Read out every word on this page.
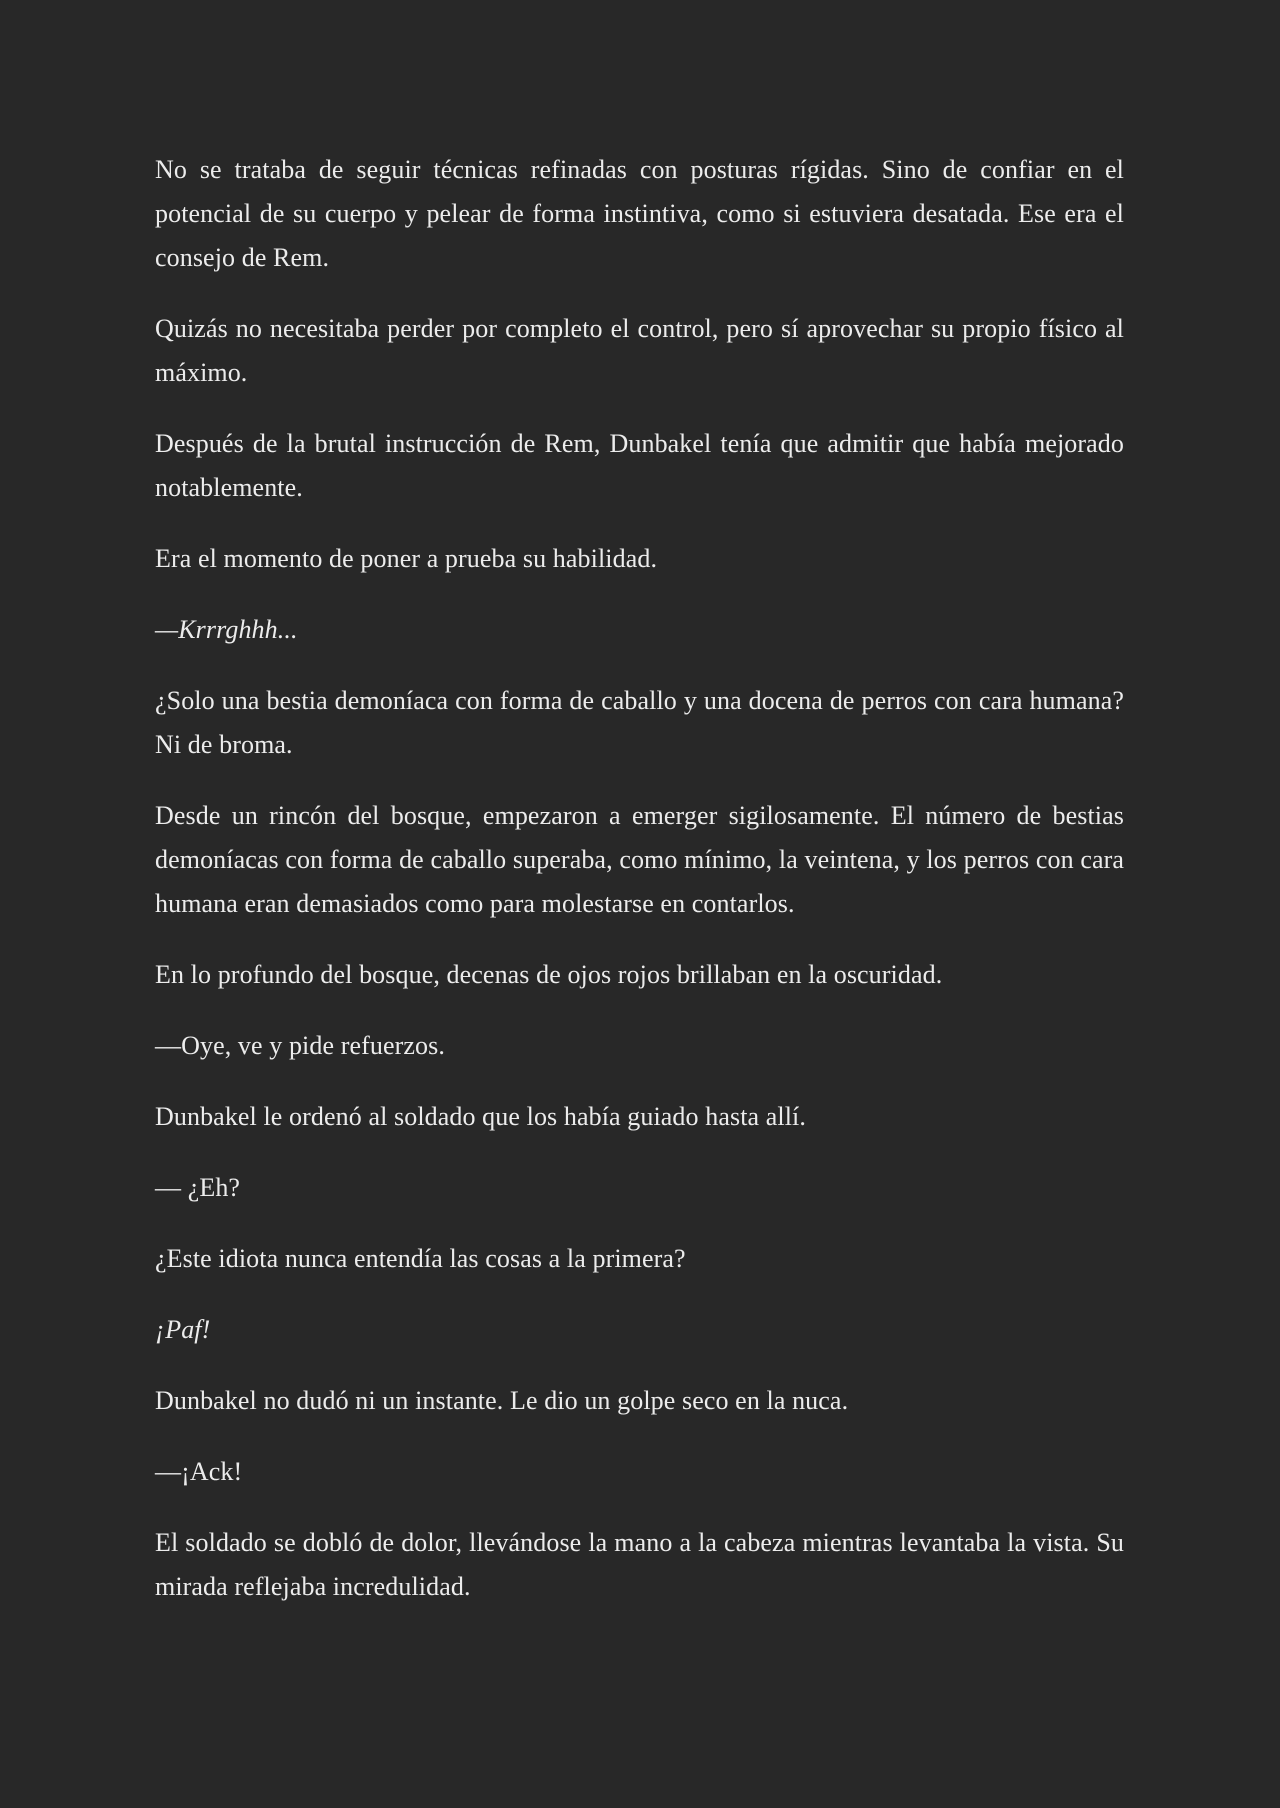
No se trataba de seguir técnicas refinadas con posturas rígidas. Sino de confiar en el potencial de su cuerpo y pelear de forma instintiva, como si estuviera desatada. Ese era el consejo de Rem.

Quizás no necesitaba perder por completo el control, pero sí aprovechar su propio físico al máximo.

Después de la brutal instrucción de Rem, Dunbakel tenía que admitir que había mejorado notablemente.

Era el momento de poner a prueba su habilidad.

—Krrrghhh...

¿Solo una bestia demoníaca con forma de caballo y una docena de perros con cara humana? Ni de broma.

Desde un rincón del bosque, empezaron a emerger sigilosamente. El número de bestias demoníacas con forma de caballo superaba, como mínimo, la veintena, y los perros con cara humana eran demasiados como para molestarse en contarlos.

En lo profundo del bosque, decenas de ojos rojos brillaban en la oscuridad.

—Oye, ve y pide refuerzos.

Dunbakel le ordenó al soldado que los había guiado hasta allí.

— ¿Eh?

¿Este idiota nunca entendía las cosas a la primera?

¡Paf!

Dunbakel no dudó ni un instante. Le dio un golpe seco en la nuca.

—¡Ack!

El soldado se dobló de dolor, llevándose la mano a la cabeza mientras levantaba la vista. Su mirada reflejaba incredulidad.
